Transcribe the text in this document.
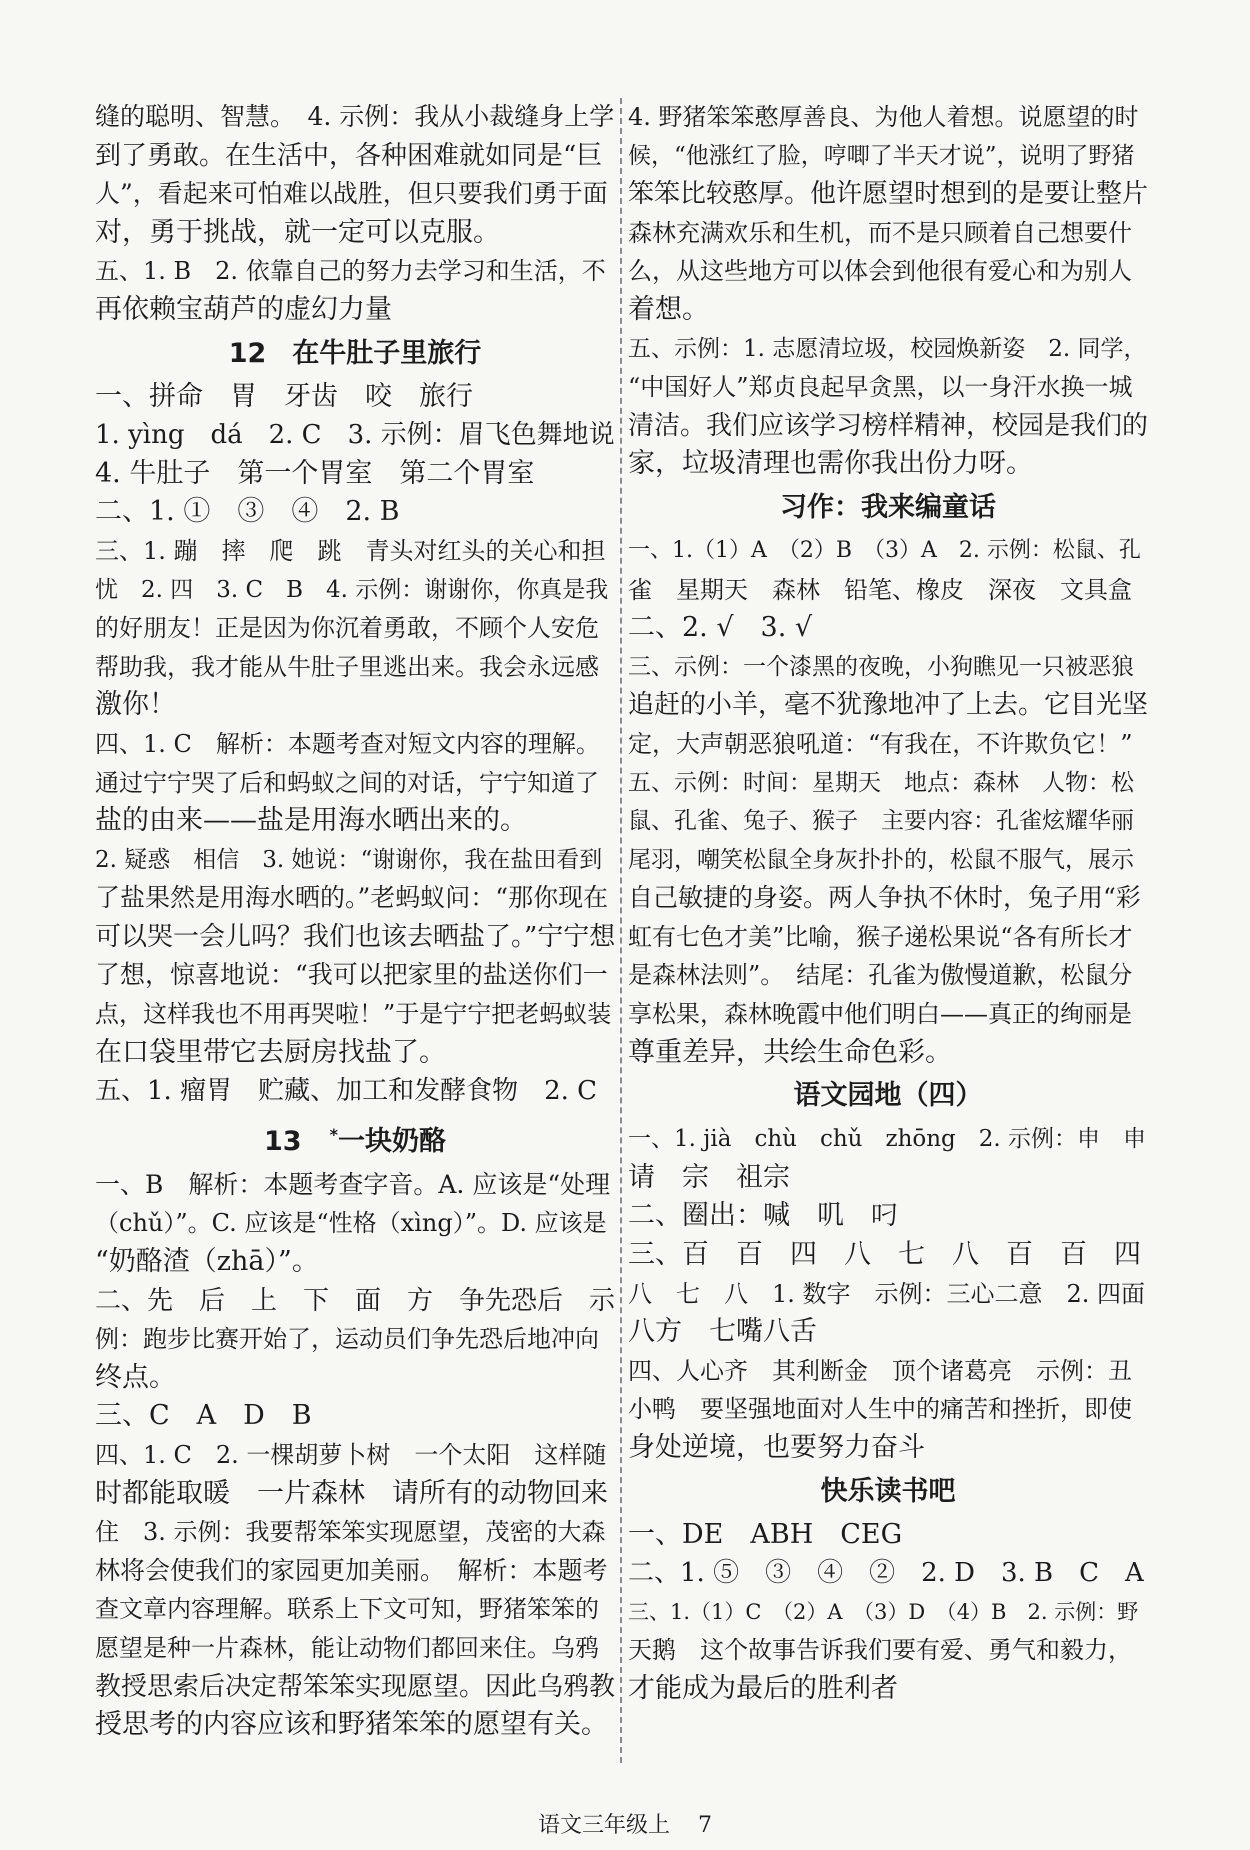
缝的聪明、智慧。　4. 示例：我从小裁缝身上学
到了勇敢。在生活中，各种困难就如同是“巨
人”，看起来可怕难以战胜，但只要我们勇于面
对，勇于挑战，就一定可以克服。
五、1. B　2. 依靠自己的努力去学习和生活，不
再依赖宝葫芦的虚幻力量
12 在牛肚子里旅行
一、拼命　胃　牙齿　咬　旅行
1. yìng　dá　2. C　3. 示例：眉飞色舞地说
4. 牛肚子　第一个胃室　第二个胃室
二、1. ①　③　④　2. B
三、1. 蹦　摔　爬　跳　青头对红头的关心和担
忧　2. 四　3. C　B　4. 示例：谢谢你，你真是我
的好朋友！正是因为你沉着勇敢，不顾个人安危
帮助我，我才能从牛肚子里逃出来。我会永远感
激你！
四、1. C　解析：本题考查对短文内容的理解。
通过宁宁哭了后和蚂蚁之间的对话，宁宁知道了
盐的由来——盐是用海水晒出来的。
2. 疑惑　相信　3. 她说：“谢谢你，我在盐田看到
了盐果然是用海水晒的。”老蚂蚁问：“那你现在
可以哭一会儿吗？我们也该去晒盐了。”宁宁想
了想，惊喜地说：“我可以把家里的盐送你们一
点，这样我也不用再哭啦！”于是宁宁把老蚂蚁装
在口袋里带它去厨房找盐了。
五、1. 瘤胃　贮藏、加工和发酵食物　2. C
13 *一块奶酪
一、B　解析：本题考查字音。A. 应该是“处理
（chǔ）”。C. 应该是“性格（xìng）”。D. 应该是
“奶酪渣（zhā）”。
二、先　后　上　下　面　方　争先恐后　示
例：跑步比赛开始了，运动员们争先恐后地冲向
终点。
三、C　A　D　B
四、1. C　2. 一棵胡萝卜树　一个太阳　这样随
时都能取暖　一片森林　请所有的动物回来
住　3. 示例：我要帮笨笨实现愿望，茂密的大森
林将会使我们的家园更加美丽。　解析：本题考
查文章内容理解。联系上下文可知，野猪笨笨的
愿望是种一片森林，能让动物们都回来住。乌鸦
教授思索后决定帮笨笨实现愿望。因此乌鸦教
授思考的内容应该和野猪笨笨的愿望有关。
4. 野猪笨笨憨厚善良、为他人着想。说愿望的时
候，“他涨红了脸，哼唧了半天才说”，说明了野猪
笨笨比较憨厚。他许愿望时想到的是要让整片
森林充满欢乐和生机，而不是只顾着自己想要什
么，从这些地方可以体会到他很有爱心和为别人
着想。
五、示例：1. 志愿清垃圾，校园焕新姿　2. 同学，
“中国好人”郑贞良起早贪黑，以一身汗水换一城
清洁。我们应该学习榜样精神，校园是我们的
家，垃圾清理也需你我出份力呀。
习作：我来编童话
一、1.（1）A　（2）B　（3）A　2. 示例：松鼠、孔
雀　星期天　森林　铅笔、橡皮　深夜　文具盒
二、2. √　3. √
三、示例：一个漆黑的夜晚，小狗瞧见一只被恶狼
追赶的小羊，毫不犹豫地冲了上去。它目光坚
定，大声朝恶狼吼道：“有我在，不许欺负它！”
五、示例：时间：星期天　地点：森林　人物：松
鼠、孔雀、兔子、猴子　主要内容：孔雀炫耀华丽
尾羽，嘲笑松鼠全身灰扑扑的，松鼠不服气，展示
自己敏捷的身姿。两人争执不休时，兔子用“彩
虹有七色才美”比喻，猴子递松果说“各有所长才
是森林法则”。　结尾：孔雀为傲慢道歉，松鼠分
享松果，森林晚霞中他们明白——真正的绚丽是
尊重差异，共绘生命色彩。
语文园地（四）
一、1. jià　chù　chǔ　zhōng　2. 示例：申　申
请　宗　祖宗
二、圈出：喊　叽　叼
三、百　百　四　八　七　八　百　百　四
八　七　八　1. 数字　示例：三心二意　2. 四面
八方　七嘴八舌
四、人心齐　其利断金　顶个诸葛亮　示例：丑
小鸭　要坚强地面对人生中的痛苦和挫折，即使
身处逆境，也要努力奋斗
快乐读书吧
一、DE　ABH　CEG
二、1. ⑤　③　④　②　2. D　3. B　C　A
三、1.（1）C　（2）A　（3）D　（4）B　2. 示例：野
天鹅　这个故事告诉我们要有爱、勇气和毅力，
才能成为最后的胜利者
语文三年级上 7
